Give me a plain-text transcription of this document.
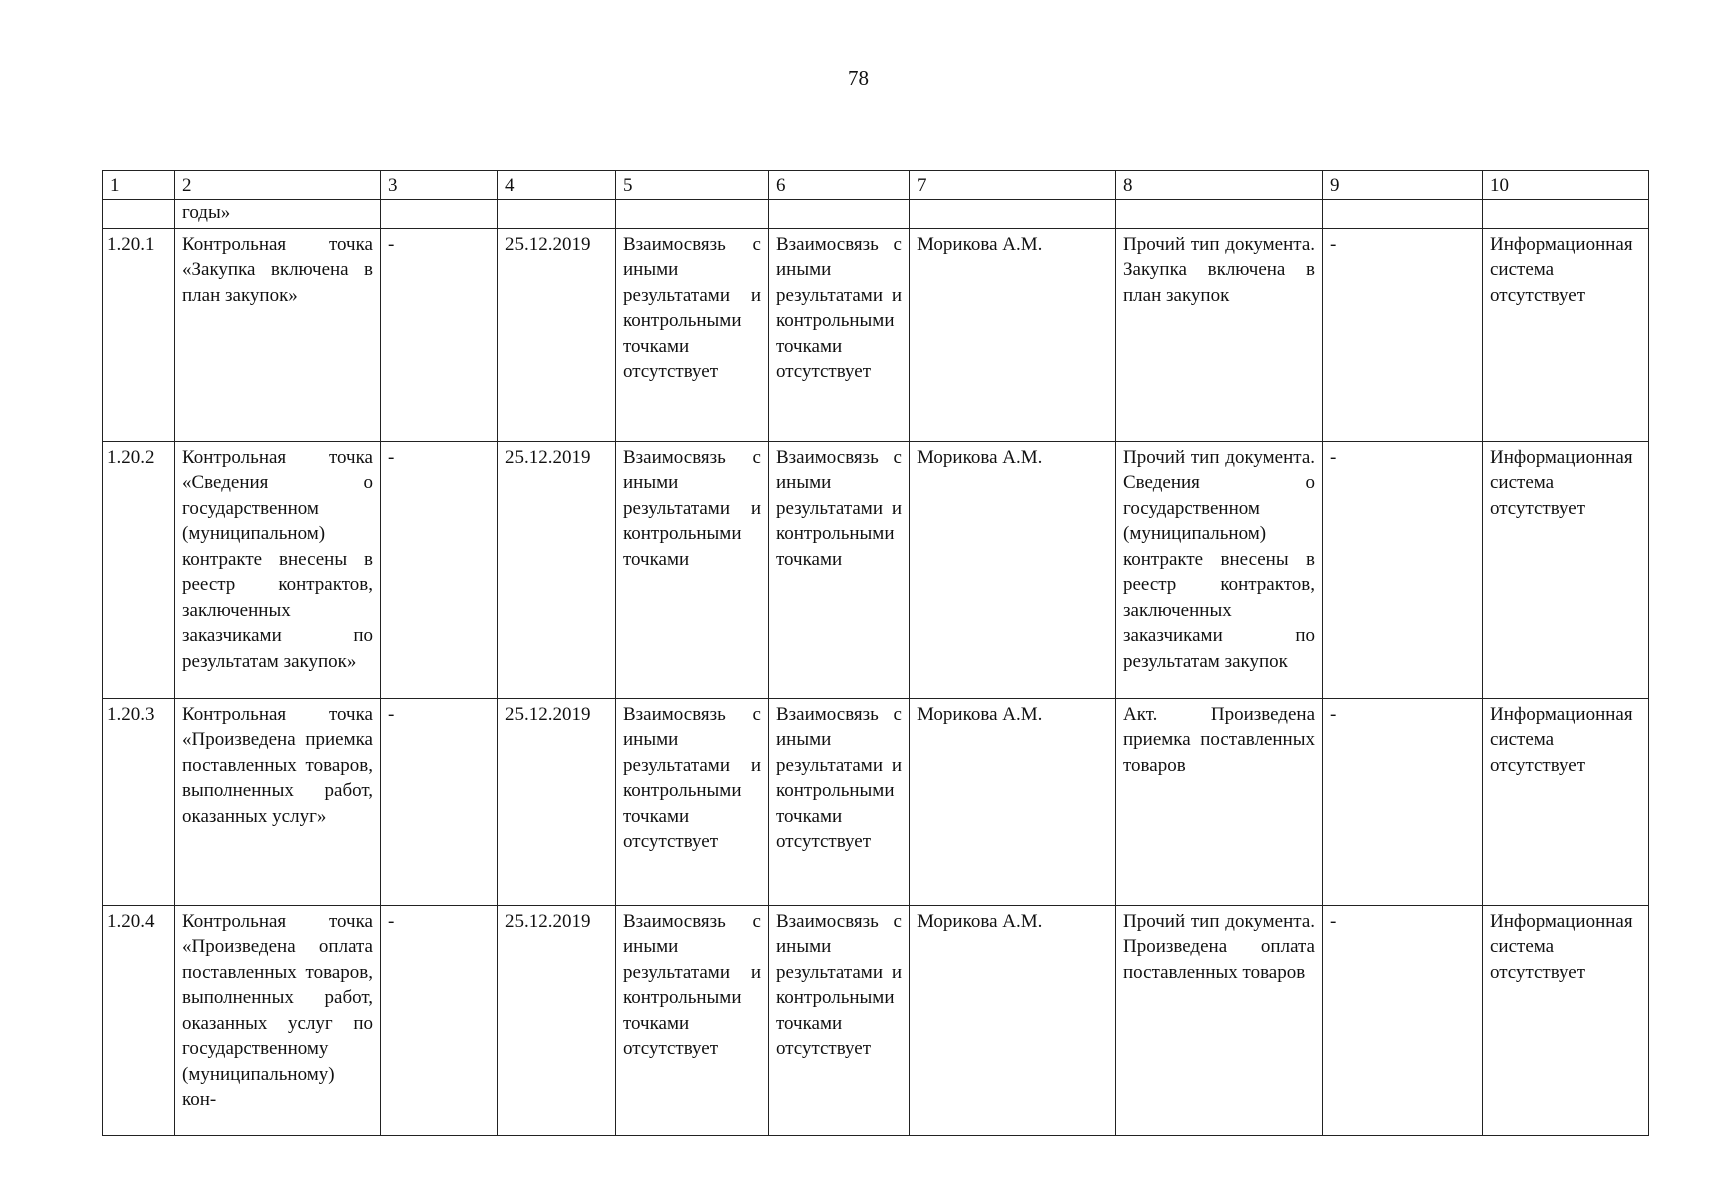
78
1	2	3	4	5	6	7	8	9	10
	годы»								
1.20.1	Контрольная точка «Закупка включена в план закупок»	-	25.12.2019	Взаимосвязь с иными результатами и контрольными точками отсутствует	Взаимосвязь с иными результатами и контрольными точками отсутствует	Морикова А.М.	Прочий тип документа. Закупка включена в план закупок	-	Информационная система отсутствует
1.20.2	Контрольная точка «Сведения о государственном (муниципальном) контракте внесены в реестр контрактов, заключенных заказчиками по результатам закупок»	-	25.12.2019	Взаимосвязь с иными результатами и контрольными точками	Взаимосвязь с иными результатами и контрольными точками	Морикова А.М.	Прочий тип документа. Сведения о государственном (муниципальном) контракте внесены в реестр контрактов, заключенных заказчиками по результатам закупок	-	Информационная система отсутствует
1.20.3	Контрольная точка «Произведена приемка поставленных товаров, выполненных работ, оказанных услуг»	-	25.12.2019	Взаимосвязь с иными результатами и контрольными точками отсутствует	Взаимосвязь с иными результатами и контрольными точками отсутствует	Морикова А.М.	Акт. Произведена приемка поставленных товаров	-	Информационная система отсутствует
1.20.4	Контрольная точка «Произведена оплата поставленных товаров, выполненных работ, оказанных услуг по государственному (муниципальному) кон-	-	25.12.2019	Взаимосвязь с иными результатами и контрольными точками отсутствует	Взаимосвязь с иными результатами и контрольными точками отсутствует	Морикова А.М.	Прочий тип документа. Произведена оплата поставленных товаров	-	Информационная система отсутствует
